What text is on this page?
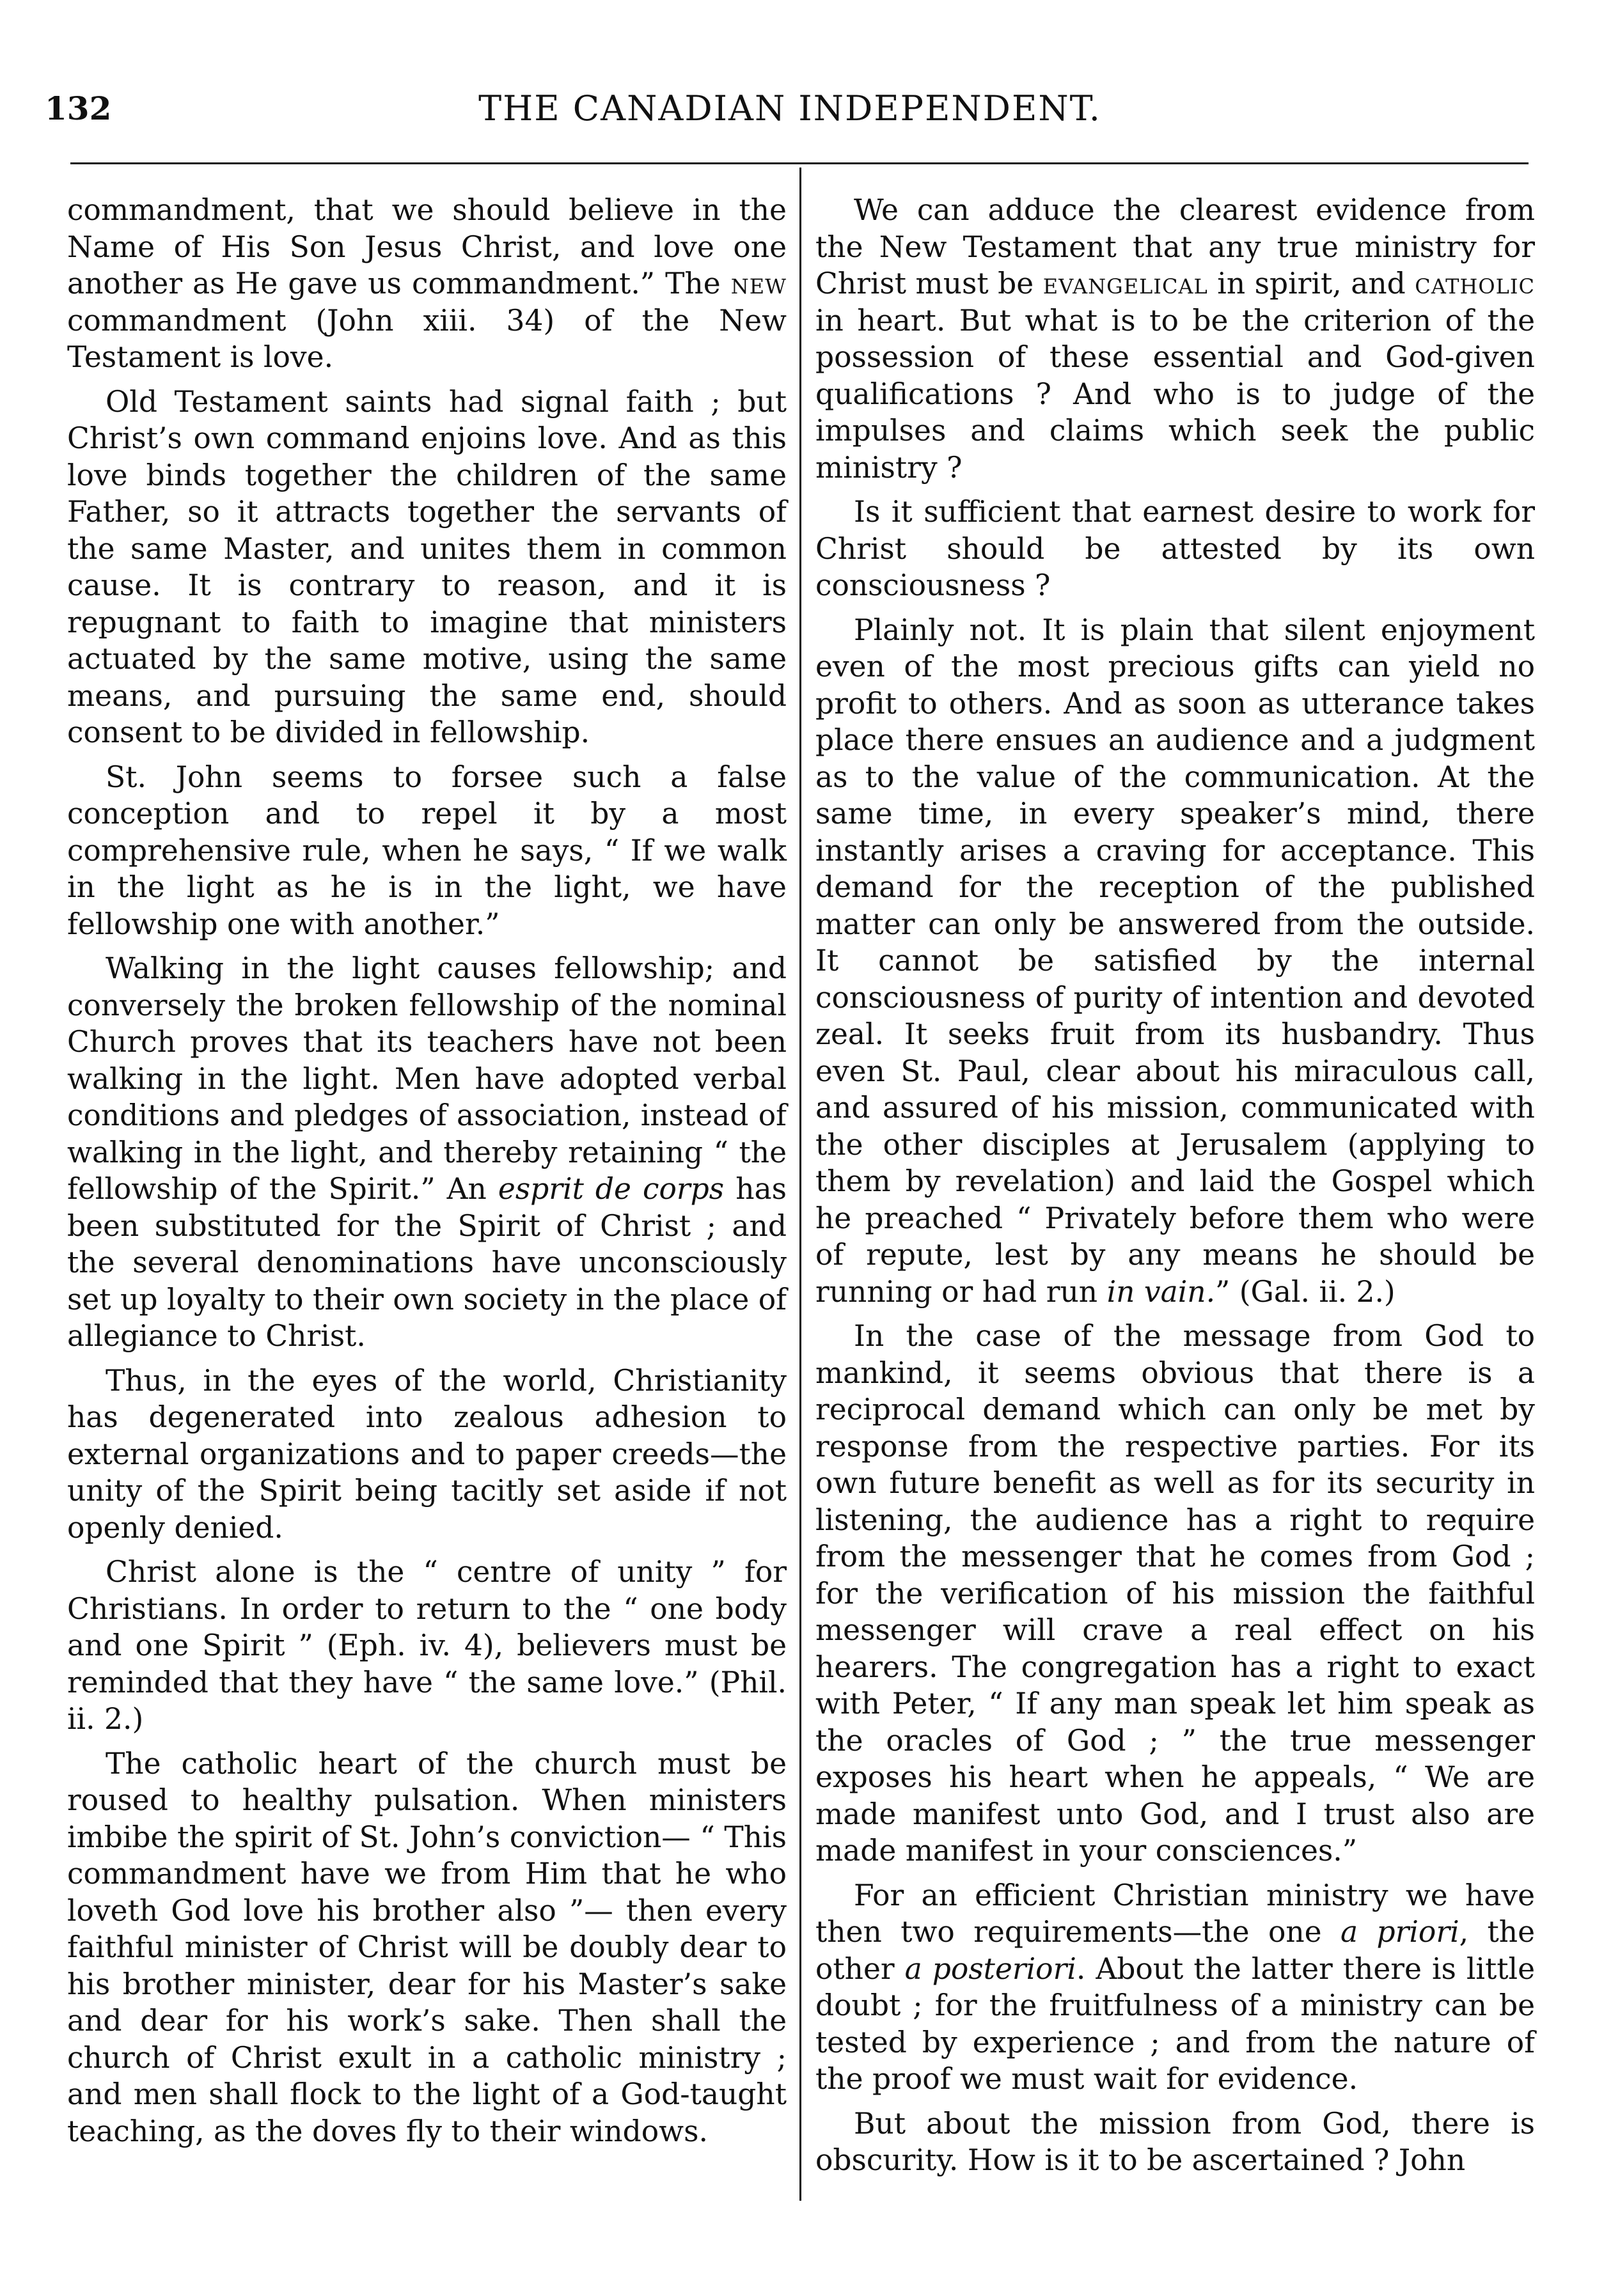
132	THE CANADIAN INDEPENDENT.

commandment, that we should believe in the Name of His Son Jesus Christ, and love one another as He gave us commandment.” The new commandment (John xiii. 34) of the New Testament is love.

Old Testament saints had signal faith ; but Christ’s own command enjoins love. And as this love binds together the children of the same Father, so it attracts together the servants of the same Master, and unites them in common cause. It is contrary to reason, and it is repugnant to faith to imagine that ministers actuated by the same motive, using the same means, and pursuing the same end, should consent to be divided in fellowship.

St. John seems to forsee such a false conception and to repel it by a most comprehensive rule, when he says, “ If we walk in the light as he is in the light, we have fellowship one with another.”

Walking in the light causes fellowship; and conversely the broken fellowship of the nominal Church proves that its teachers have not been walking in the light. Men have adopted verbal conditions and pledges of association, instead of walking in the light, and thereby retaining “ the fellowship of the Spirit.” An esprit de corps has been substituted for the Spirit of Christ ; and the several denominations have unconsciously set up loyalty to their own society in the place of allegiance to Christ.

Thus, in the eyes of the world, Christianity has degenerated into zealous adhesion to external organizations and to paper creeds—the unity of the Spirit being tacitly set aside if not openly denied.

Christ alone is the “ centre of unity ” for Christians. In order to return to the “ one body and one Spirit ” (Eph. iv. 4), believers must be reminded that they have “ the same love.” (Phil. ii. 2.)

The catholic heart of the church must be roused to healthy pulsation. When ministers imbibe the spirit of St. John’s conviction— “ This commandment have we from Him that he who loveth God love his brother also ”— then every faithful minister of Christ will be doubly dear to his brother minister, dear for his Master’s sake and dear for his work’s sake. Then shall the church of Christ exult in a catholic ministry ; and men shall flock to the light of a God-taught teaching, as the doves fly to their windows.

We can adduce the clearest evidence from the New Testament that any true ministry for Christ must be evangelical in spirit, and catholic in heart. But what is to be the criterion of the possession of these essential and God-given qualifications ? And who is to judge of the impulses and claims which seek the public ministry ?

Is it sufficient that earnest desire to work for Christ should be attested by its own consciousness ?

Plainly not. It is plain that silent enjoyment even of the most precious gifts can yield no profit to others. And as soon as utterance takes place there ensues an audience and a judgment as to the value of the communication. At the same time, in every speaker’s mind, there instantly arises a craving for acceptance. This demand for the reception of the published matter can only be answered from the outside. It cannot be satisfied by the internal consciousness of purity of intention and devoted zeal. It seeks fruit from its husbandry. Thus even St. Paul, clear about his miraculous call, and assured of his mission, communicated with the other disciples at Jerusalem (applying to them by revelation) and laid the Gospel which he preached “ Privately before them who were of repute, lest by any means he should be running or had run in vain.” (Gal. ii. 2.)

In the case of the message from God to mankind, it seems obvious that there is a reciprocal demand which can only be met by response from the respective parties. For its own future benefit as well as for its security in listening, the audience has a right to require from the messenger that he comes from God ; for the verification of his mission the faithful messenger will crave a real effect on his hearers. The congregation has a right to exact with Peter, “ If any man speak let him speak as the oracles of God ; ” the true messenger exposes his heart when he appeals, “ We are made manifest unto God, and I trust also are made manifest in your consciences.”

For an efficient Christian ministry we have then two requirements—the one a priori, the other a posteriori. About the latter there is little doubt ; for the fruitfulness of a ministry can be tested by experience ; and from the nature of the proof we must wait for evidence.

But about the mission from God, there is obscurity. How is it to be ascertained ? John
